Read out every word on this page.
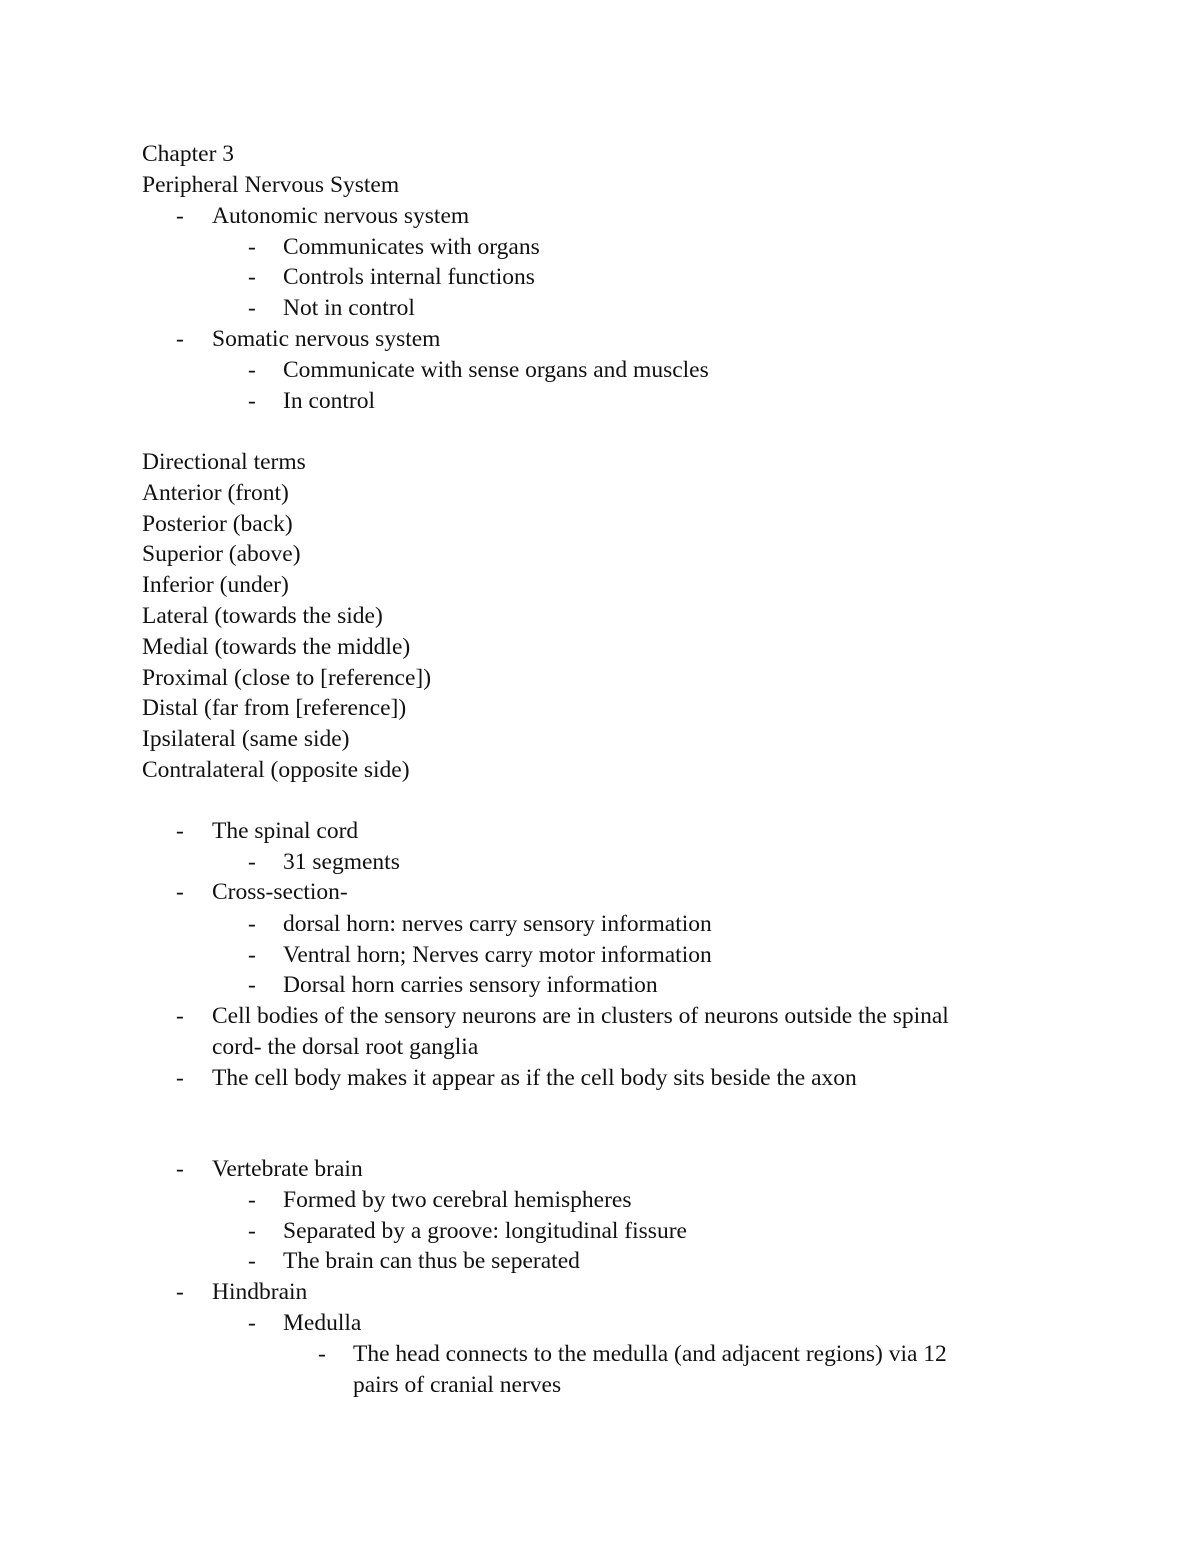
Chapter 3
Peripheral Nervous System
- Autonomic nervous system
- Communicates with organs
- Controls internal functions
- Not in control
- Somatic nervous system
- Communicate with sense organs and muscles
- In control
Directional terms
Anterior (front)
Posterior (back)
Superior (above)
Inferior (under)
Lateral (towards the side)
Medial (towards the middle)
Proximal (close to [reference])
Distal (far from [reference])
Ipsilateral (same side)
Contralateral (opposite side)
- The spinal cord
- 31 segments
- Cross-section-
- dorsal horn: nerves carry sensory information
- Ventral horn; Nerves carry motor information
- Dorsal horn carries sensory information
- Cell bodies of the sensory neurons are in clusters of neurons outside the spinal
cord- the dorsal root ganglia
- The cell body makes it appear as if the cell body sits beside the axon
- Vertebrate brain
- Formed by two cerebral hemispheres
- Separated by a groove: longitudinal fissure
- The brain can thus be seperated
- Hindbrain
- Medulla
- The head connects to the medulla (and adjacent regions) via 12
pairs of cranial nerves
